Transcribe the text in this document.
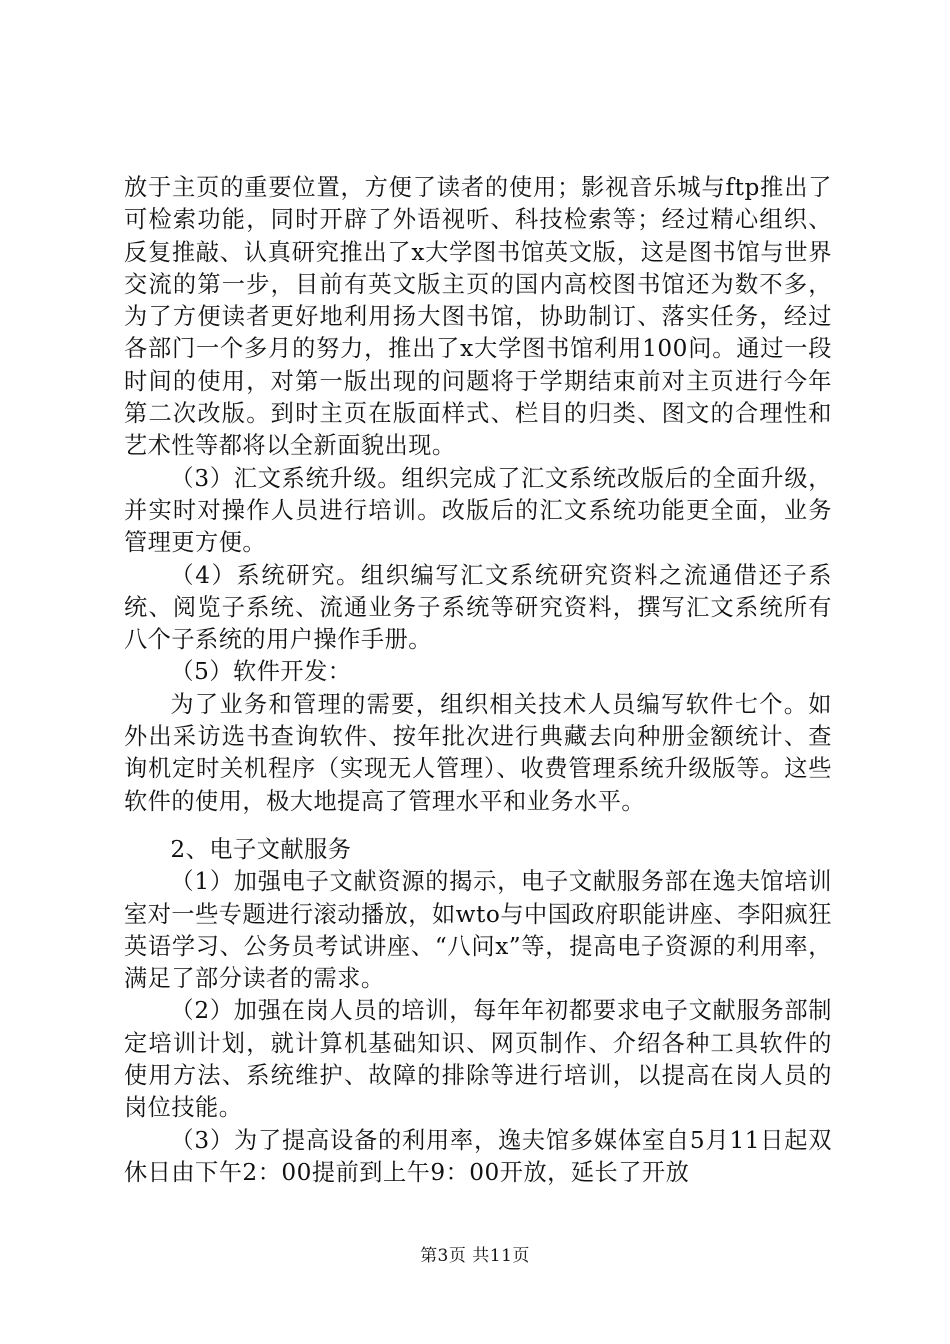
放于主页的重要位置，方便了读者的使用；影视音乐城与ftp推出了可检索功能，同时开辟了外语视听、科技检索等；经过精心组织、反复推敲、认真研究推出了x大学图书馆英文版，这是图书馆与世界交流的第一步，目前有英文版主页的国内高校图书馆还为数不多，为了方便读者更好地利用扬大图书馆，协助制订、落实任务，经过各部门一个多月的努力，推出了x大学图书馆利用100问。通过一段时间的使用，对第一版出现的问题将于学期结束前对主页进行今年第二次改版。到时主页在版面样式、栏目的归类、图文的合理性和艺术性等都将以全新面貌出现。

（3）汇文系统升级。组织完成了汇文系统改版后的全面升级，并实时对操作人员进行培训。改版后的汇文系统功能更全面，业务管理更方便。

（4）系统研究。组织编写汇文系统研究资料之流通借还子系统、阅览子系统、流通业务子系统等研究资料，撰写汇文系统所有八个子系统的用户操作手册。

（5）软件开发：

为了业务和管理的需要，组织相关技术人员编写软件七个。如外出采访选书查询软件、按年批次进行典藏去向种册金额统计、查询机定时关机程序（实现无人管理）、收费管理系统升级版等。这些软件的使用，极大地提高了管理水平和业务水平。

2、电子文献服务

（1）加强电子文献资源的揭示，电子文献服务部在逸夫馆培训室对一些专题进行滚动播放，如wto与中国政府职能讲座、李阳疯狂英语学习、公务员考试讲座、“八问x”等，提高电子资源的利用率，满足了部分读者的需求。

（2）加强在岗人员的培训，每年年初都要求电子文献服务部制定培训计划，就计算机基础知识、网页制作、介绍各种工具软件的使用方法、系统维护、故障的排除等进行培训，以提高在岗人员的岗位技能。

（3）为了提高设备的利用率，逸夫馆多媒体室自5月11日起双休日由下午2：00提前到上午9：00开放，延长了开放

第3页 共11页
